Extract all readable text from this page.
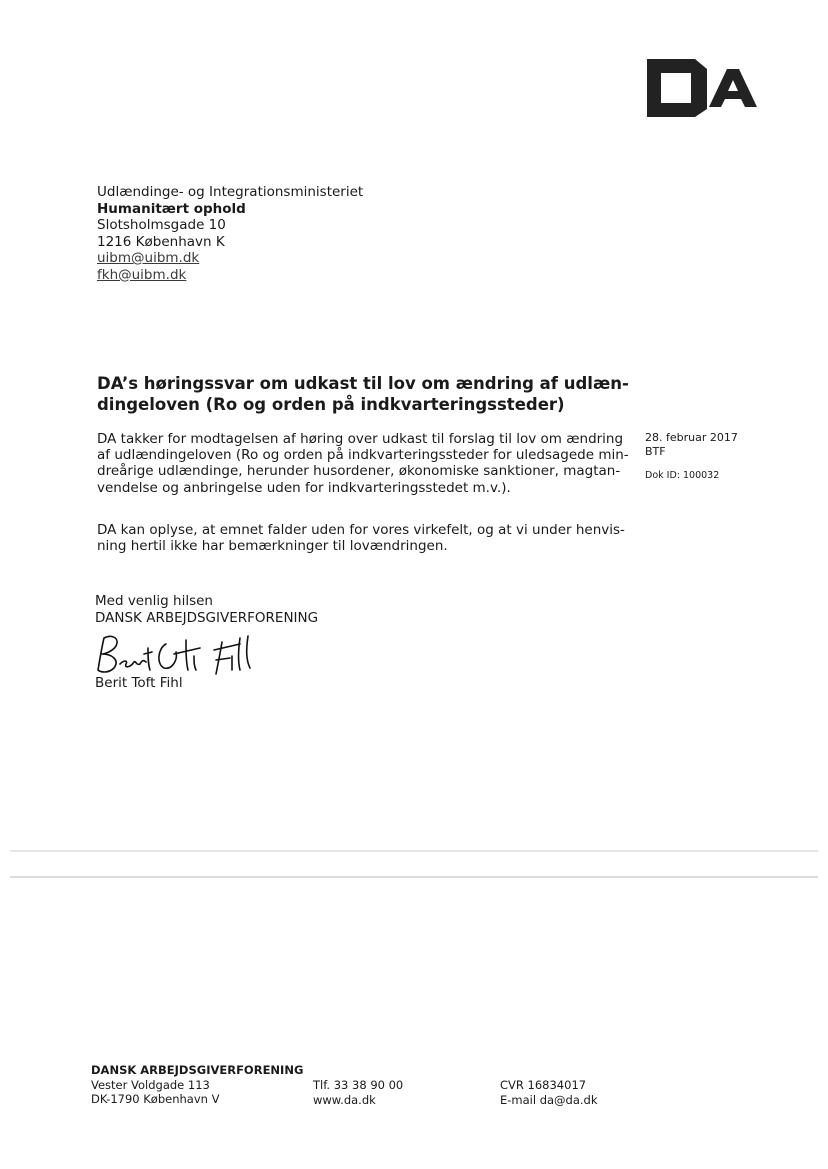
Udlændinge- og Integrationsministeriet
Humanitært ophold
Slotsholmsgade 10
1216 København K
uibm@uibm.dk
fkh@uibm.dk
DA’s høringssvar om udkast til lov om ændring af udlæn-
dingeloven (Ro og orden på indkvarteringssteder)
DA takker for modtagelsen af høring over udkast til forslag til lov om ændring
af udlændingeloven (Ro og orden på indkvarteringssteder for uledsagede min-
dreårige udlændinge, herunder husordener, økonomiske sanktioner, magtan-
vendelse og anbringelse uden for indkvarteringsstedet m.v.).
28. februar 2017
BTF
Dok ID: 100032
DA kan oplyse, at emnet falder uden for vores virkefelt, og at vi under henvis-
ning hertil ikke har bemærkninger til lovændringen.
Med venlig hilsen
DANSK ARBEJDSGIVERFORENING
Berit Toft Fihl
DANSK ARBEJDSGIVERFORENING
Vester Voldgade 113
DK-1790 København V
Tlf. 33 38 90 00
www.da.dk
CVR 16834017
E-mail da@da.dk
